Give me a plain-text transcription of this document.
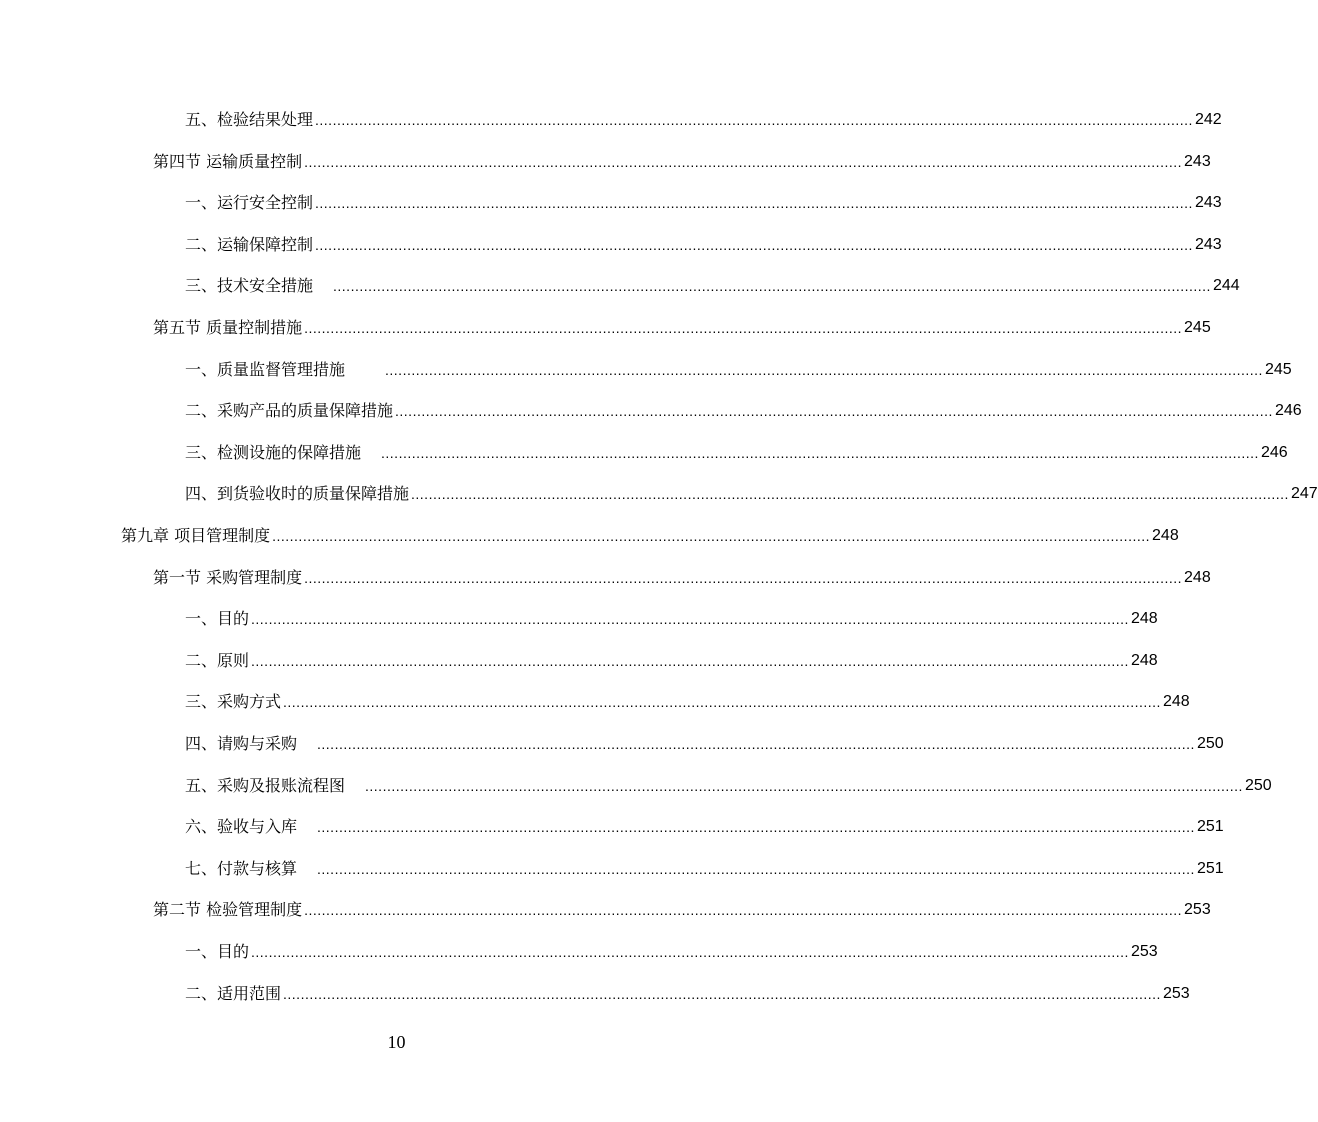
五、检验结果处理 ........................................................................................................................................................................................................ 242
第四节 运输质量控制 ........................................................................................................................................................................................................ 243
一、运行安全控制 ........................................................................................................................................................................................................ 243
二、运输保障控制 ........................................................................................................................................................................................................ 243
三、技术安全措施 ........................................................................................................................................................................................................ 244
第五节 质量控制措施 ........................................................................................................................................................................................................ 245
一、质量监督管理措施	........................................................................................................................................................................................................ 245
二、采购产品的质量保障措施 ........................................................................................................................................................................................................ 246
三、检测设施的保障措施 ........................................................................................................................................................................................................ 246
四、到货验收时的质量保障措施 ........................................................................................................................................................................................................ 247
第九章 项目管理制度 ........................................................................................................................................................................................................ 248
第一节 采购管理制度 ........................................................................................................................................................................................................ 248
一、目的 ........................................................................................................................................................................................................ 248
二、原则 ........................................................................................................................................................................................................ 248
三、采购方式 ........................................................................................................................................................................................................ 248
四、请购与采购 ........................................................................................................................................................................................................ 250
五、采购及报账流程图 ........................................................................................................................................................................................................ 250
六、验收与入库 ........................................................................................................................................................................................................ 251
七、付款与核算 ........................................................................................................................................................................................................ 251
第二节 检验管理制度 ........................................................................................................................................................................................................ 253
一、目的 ........................................................................................................................................................................................................ 253
二、适用范围 ........................................................................................................................................................................................................ 253
10
